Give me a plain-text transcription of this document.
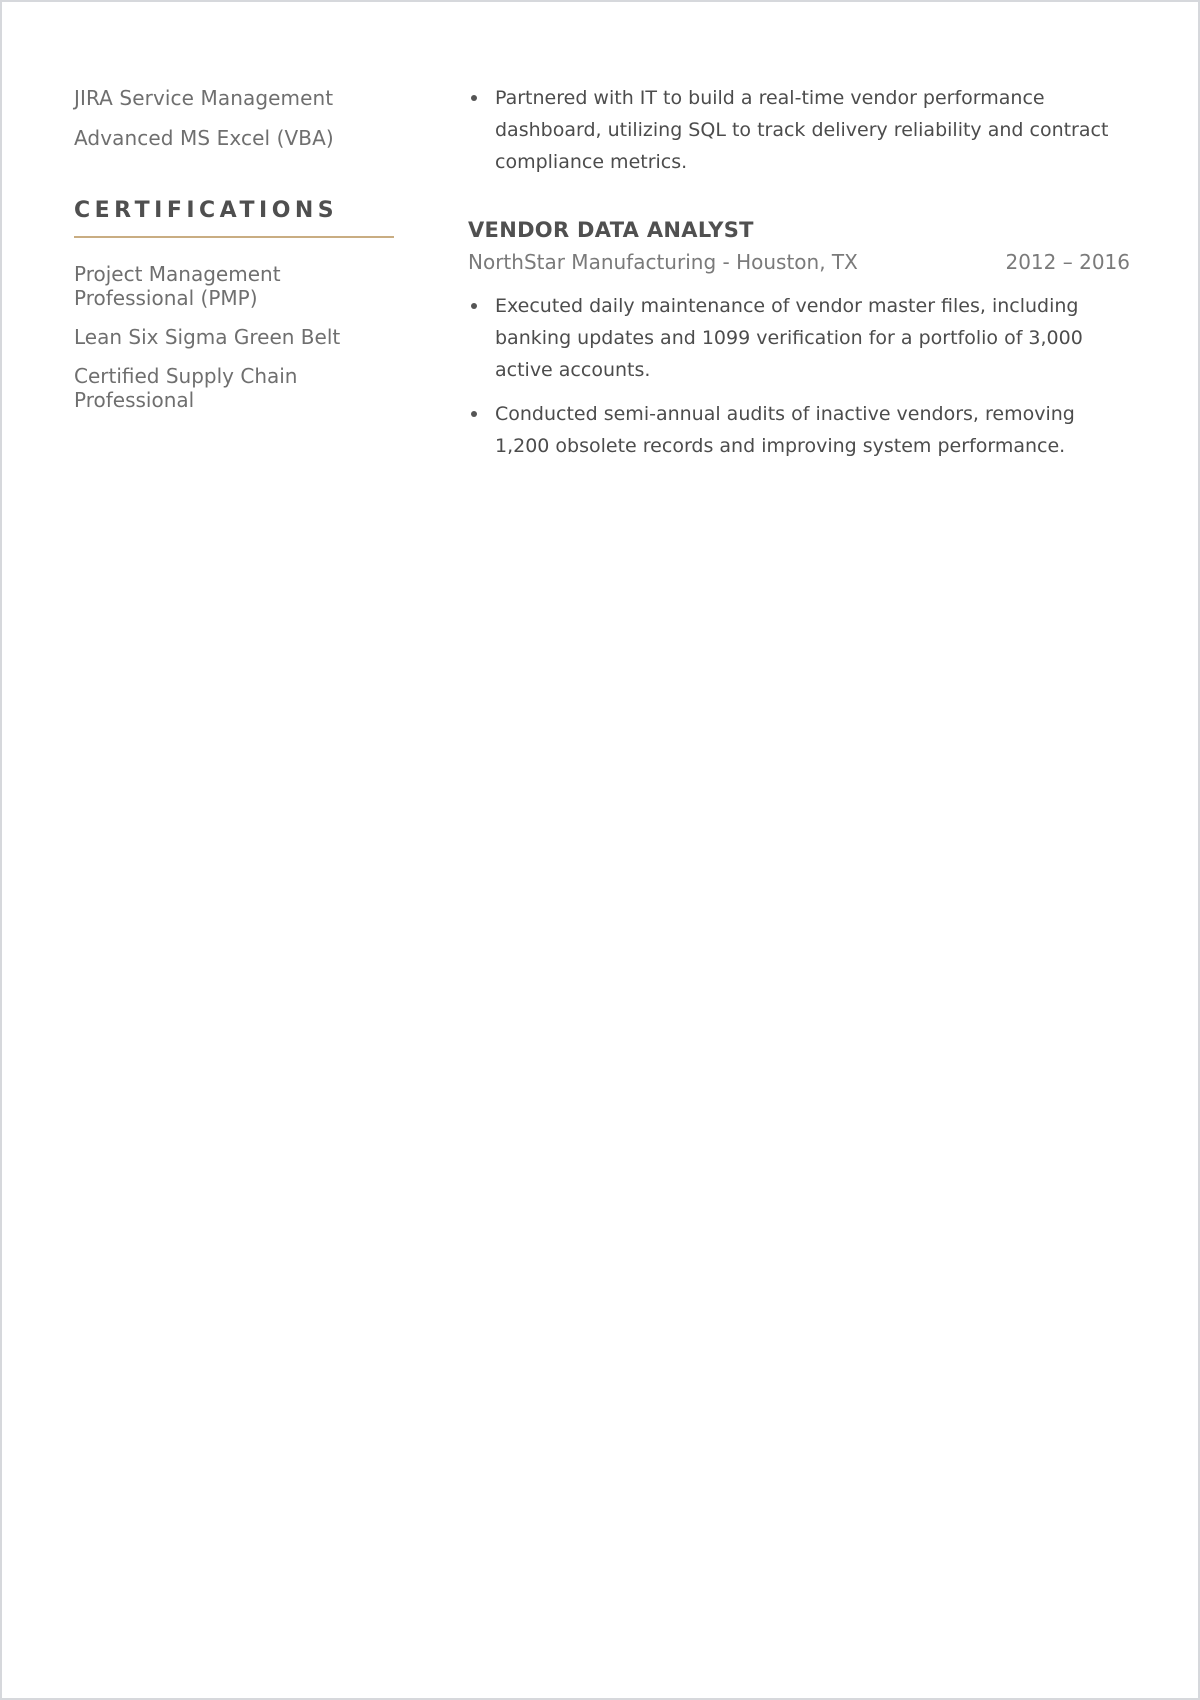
JIRA Service Management
Advanced MS Excel (VBA)
CERTIFICATIONS
Project Management Professional (PMP)
Lean Six Sigma Green Belt
Certified Supply Chain Professional
Partnered with IT to build a real-time vendor performance dashboard, utilizing SQL to track delivery reliability and contract compliance metrics.
VENDOR DATA ANALYST
NorthStar Manufacturing - Houston, TX	2012 – 2016
Executed daily maintenance of vendor master files, including banking updates and 1099 verification for a portfolio of 3,000 active accounts.
Conducted semi-annual audits of inactive vendors, removing 1,200 obsolete records and improving system performance.
